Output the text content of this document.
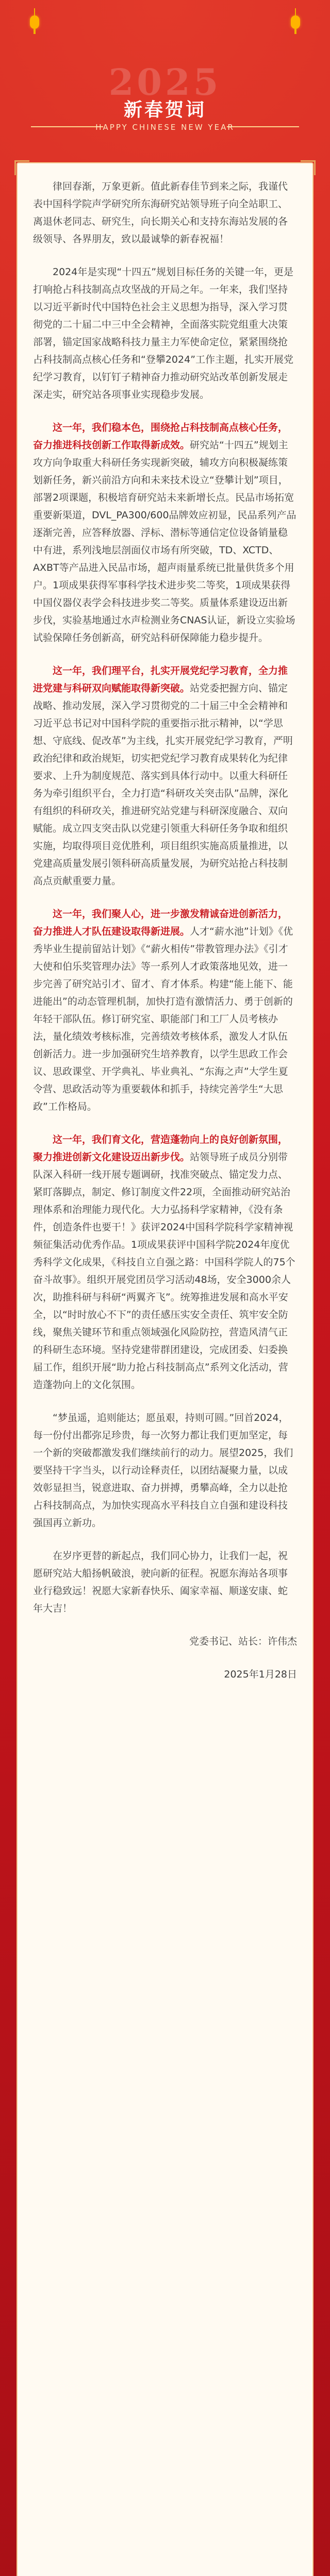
2025
新春贺词
HAPPY CHINESE NEW YEAR

律回春渐，万象更新。值此新春佳节到来之际，我谨代表中国科学院声学研究所东海研究站领导班子向全站职工、离退休老同志、研究生，向长期关心和支持东海站发展的各级领导、各界朋友，致以最诚挚的新春祝福！

2024年是实现“十四五”规划目标任务的关键一年，更是打响抢占科技制高点攻坚战的开局之年。一年来，我们坚持以习近平新时代中国特色社会主义思想为指导，深入学习贯彻党的二十届二中三中全会精神，全面落实院党组重大决策部署，锚定国家战略科技力量主力军使命定位，紧紧围绕抢占科技制高点核心任务和“登攀2024”工作主题，扎实开展党纪学习教育，以钉钉子精神奋力推动研究站改革创新发展走深走实，研究站各项事业实现稳步发展。

这一年，我们稳本色，围绕抢占科技制高点核心任务，奋力推进科技创新工作取得新成效。研究站“十四五”规划主攻方向争取重大科研任务实现新突破，辅攻方向积极凝练策划新任务，新兴前沿方向和未来技术设立“登攀计划”项目，部署2项课题，积极培育研究站未来新增长点。民品市场拓宽重要新渠道，DVL_PA300/600品牌效应初显，民品系列产品逐渐完善，应答释放器、浮标、潜标等通信定位设备销量稳中有进，系列浅地层剖面仪市场有所突破，TD、XCTD、AXBT等产品进入民品市场，超声雨量系统已批量供货多个用户。1项成果获得军事科学技术进步奖二等奖，1项成果获得中国仪器仪表学会科技进步奖二等奖。质量体系建设迈出新步伐，实验基地通过水声检测业务CNAS认证，新设立实验场试验保障任务创新高，研究站科研保障能力稳步提升。

这一年，我们理平台，扎实开展党纪学习教育，全力推进党建与科研双向赋能取得新突破。站党委把握方向、锚定战略、推动发展，深入学习贯彻党的二十届三中全会精神和习近平总书记对中国科学院的重要指示批示精神，以“学思想、守底线、促改革”为主线，扎实开展党纪学习教育，严明政治纪律和政治规矩，切实把党纪学习教育成果转化为纪律要求、上升为制度规范、落实到具体行动中。以重大科研任务为牵引组织平台，全力打造“科研攻关突击队”品牌，深化有组织的科研攻关，推进研究站党建与科研深度融合、双向赋能。成立四支突击队以党建引领重大科研任务争取和组织实施，均取得项目竞优胜利，项目组织实施高质量推进，以党建高质量发展引领科研高质量发展，为研究站抢占科技制高点贡献重要力量。

这一年，我们聚人心，进一步激发精诚奋进创新活力，奋力推进人才队伍建设取得新进展。人才“薪水池”计划》《优秀毕业生提前留站计划》《“薪火相传”带教管理办法》《引才大使和伯乐奖管理办法》等一系列人才政策落地见效，进一步完善了研究站引才、留才、育才体系。构建“能上能下、能进能出”的动态管理机制，加快打造有激情活力、勇于创新的年轻干部队伍。修订研究室、职能部门和工厂人员考核办法，量化绩效考核标准，完善绩效考核体系，激发人才队伍创新活力。进一步加强研究生培养教育，以学生思政工作会议、思政课堂、开学典礼、毕业典礼、“东海之声”大学生夏令营、思政活动等为重要载体和抓手，持续完善学生“大思政”工作格局。

这一年，我们育文化，营造蓬勃向上的良好创新氛围，聚力推进创新文化建设迈出新步伐。站领导班子成员分别带队深入科研一线开展专题调研，找准突破点、锚定发力点、紧盯落脚点，制定、修订制度文件22项，全面推动研究站治理体系和治理能力现代化。大力弘扬科学家精神，《没有条件，创造条件也要干！》获评2024中国科学院科学家精神视频征集活动优秀作品。1项成果获评中国科学院2024年度优秀科学文化成果，《科技自立自强之路：中国科学院人的75个奋斗故事》。组织开展党团员学习活动48场，安全3000余人次，助推科研与科研“两翼齐飞”。统筹推进发展和高水平安全，以“时时放心不下”的责任感压实安全责任、筑牢安全防线，聚焦关键环节和重点领域强化风险防控，营造风清气正的科研生态环境。坚持党建带群团建设，完成团委、妇委换届工作，组织开展“助力抢占科技制高点”系列文化活动，营造蓬勃向上的文化氛围。

“梦虽遥，追则能达；愿虽艰，持则可圆。”回首2024，每一份付出都弥足珍贵，每一次努力都让我们更加坚定，每一个新的突破都激发我们继续前行的动力。展望2025，我们要坚持干字当头，以行动诠释责任，以团结凝聚力量，以成效彰显担当，锐意进取、奋力拼搏，勇攀高峰，全力以赴抢占科技制高点，为加快实现高水平科技自立自强和建设科技强国再立新功。

在岁序更替的新起点，我们同心协力，让我们一起，祝愿研究站大船扬帆破浪，驶向新的征程。祝愿东海站各项事业行稳致远！祝愿大家新春快乐、阖家幸福、顺遂安康、蛇年大吉！

党委书记、站长：许伟杰

2025年1月28日
